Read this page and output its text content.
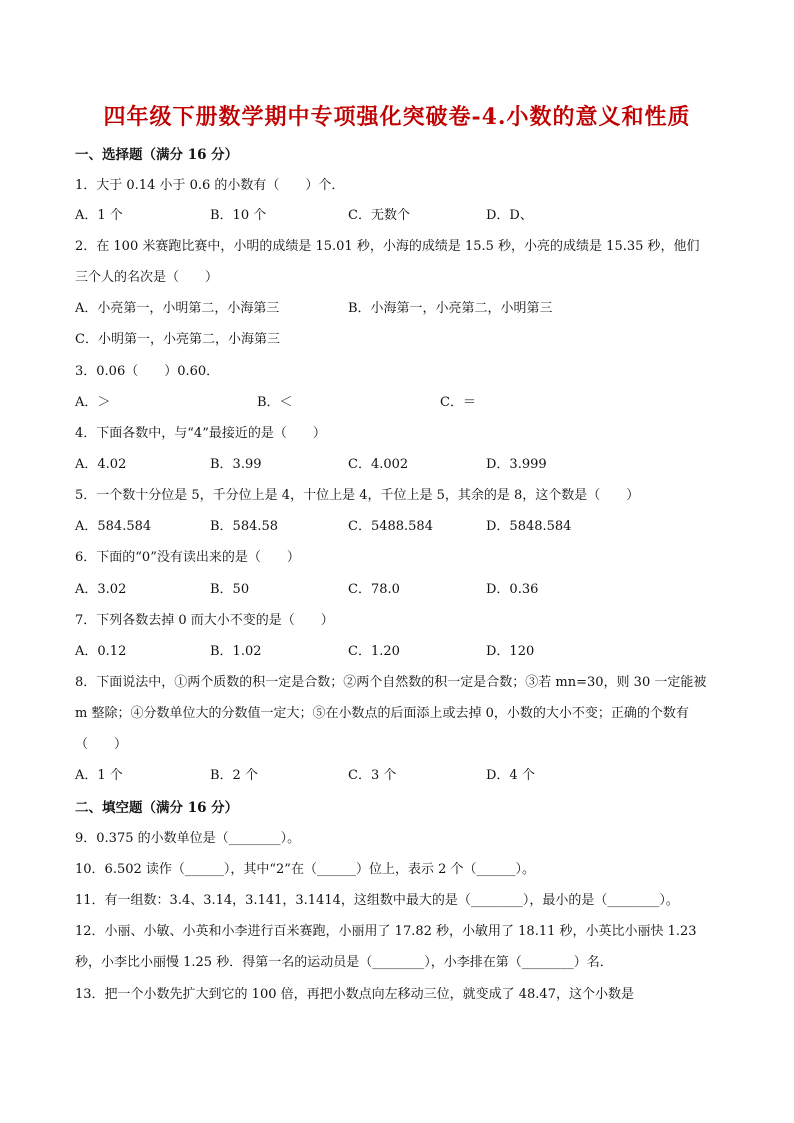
四年级下册数学期中专项强化突破卷-4.小数的意义和性质
一、选择题（满分 16 分）
1．大于 0.14 小于 0.6 的小数有（　　）个．
A．1 个	B．10 个	C．无数个	D．D、
2．在 100 米赛跑比赛中，小明的成绩是 15.01 秒，小海的成绩是 15.5 秒，小亮的成绩是 15.35 秒，他们
三个人的名次是（　　）
A．小亮第一，小明第二，小海第三	B．小海第一，小亮第二，小明第三
C．小明第一，小亮第二，小海第三
3．0.06（　　）0.60．
A．＞	B．＜	C．＝
4．下面各数中，与“4”最接近的是（　　）
A．4.02	B．3.99	C．4.002	D．3.999
5．一个数十分位是 5，千分位上是 4，十位上是 4，千位上是 5，其余的是 8，这个数是（　　）
A．584.584	B．584.58	C．5488.584	D．5848.584
6．下面的“0”没有读出来的是（　　）
A．3.02	B．50	C．78.0	D．0.36
7．下列各数去掉 0 而大小不变的是（　　）
A．0.12	B．1.02	C．1.20	D．120
8．下面说法中，①两个质数的积一定是合数；②两个自然数的积一定是合数；③若 mn=30，则 30 一定能被
m 整除；④分数单位大的分数值一定大；⑤在小数点的后面添上或去掉 0，小数的大小不变；正确的个数有
（　　）
A．1 个	B．2 个	C．3 个	D．4 个
二、填空题（满分 16 分）
9．0.375 的小数单位是（________）。
10．6.502 读作（______），其中“2”在（______）位上，表示 2 个（______）。
11．有一组数：3.4、3.14，3.141，3.1414，这组数中最大的是（________），最小的是（________）。
12．小丽、小敏、小英和小李进行百米赛跑，小丽用了 17.82 秒，小敏用了 18.11 秒，小英比小丽快 1.23
秒，小李比小丽慢 1.25 秒．得第一名的运动员是（________），小李排在第（________）名．
13．把一个小数先扩大到它的 100 倍，再把小数点向左移动三位，就变成了 48.47，这个小数是
